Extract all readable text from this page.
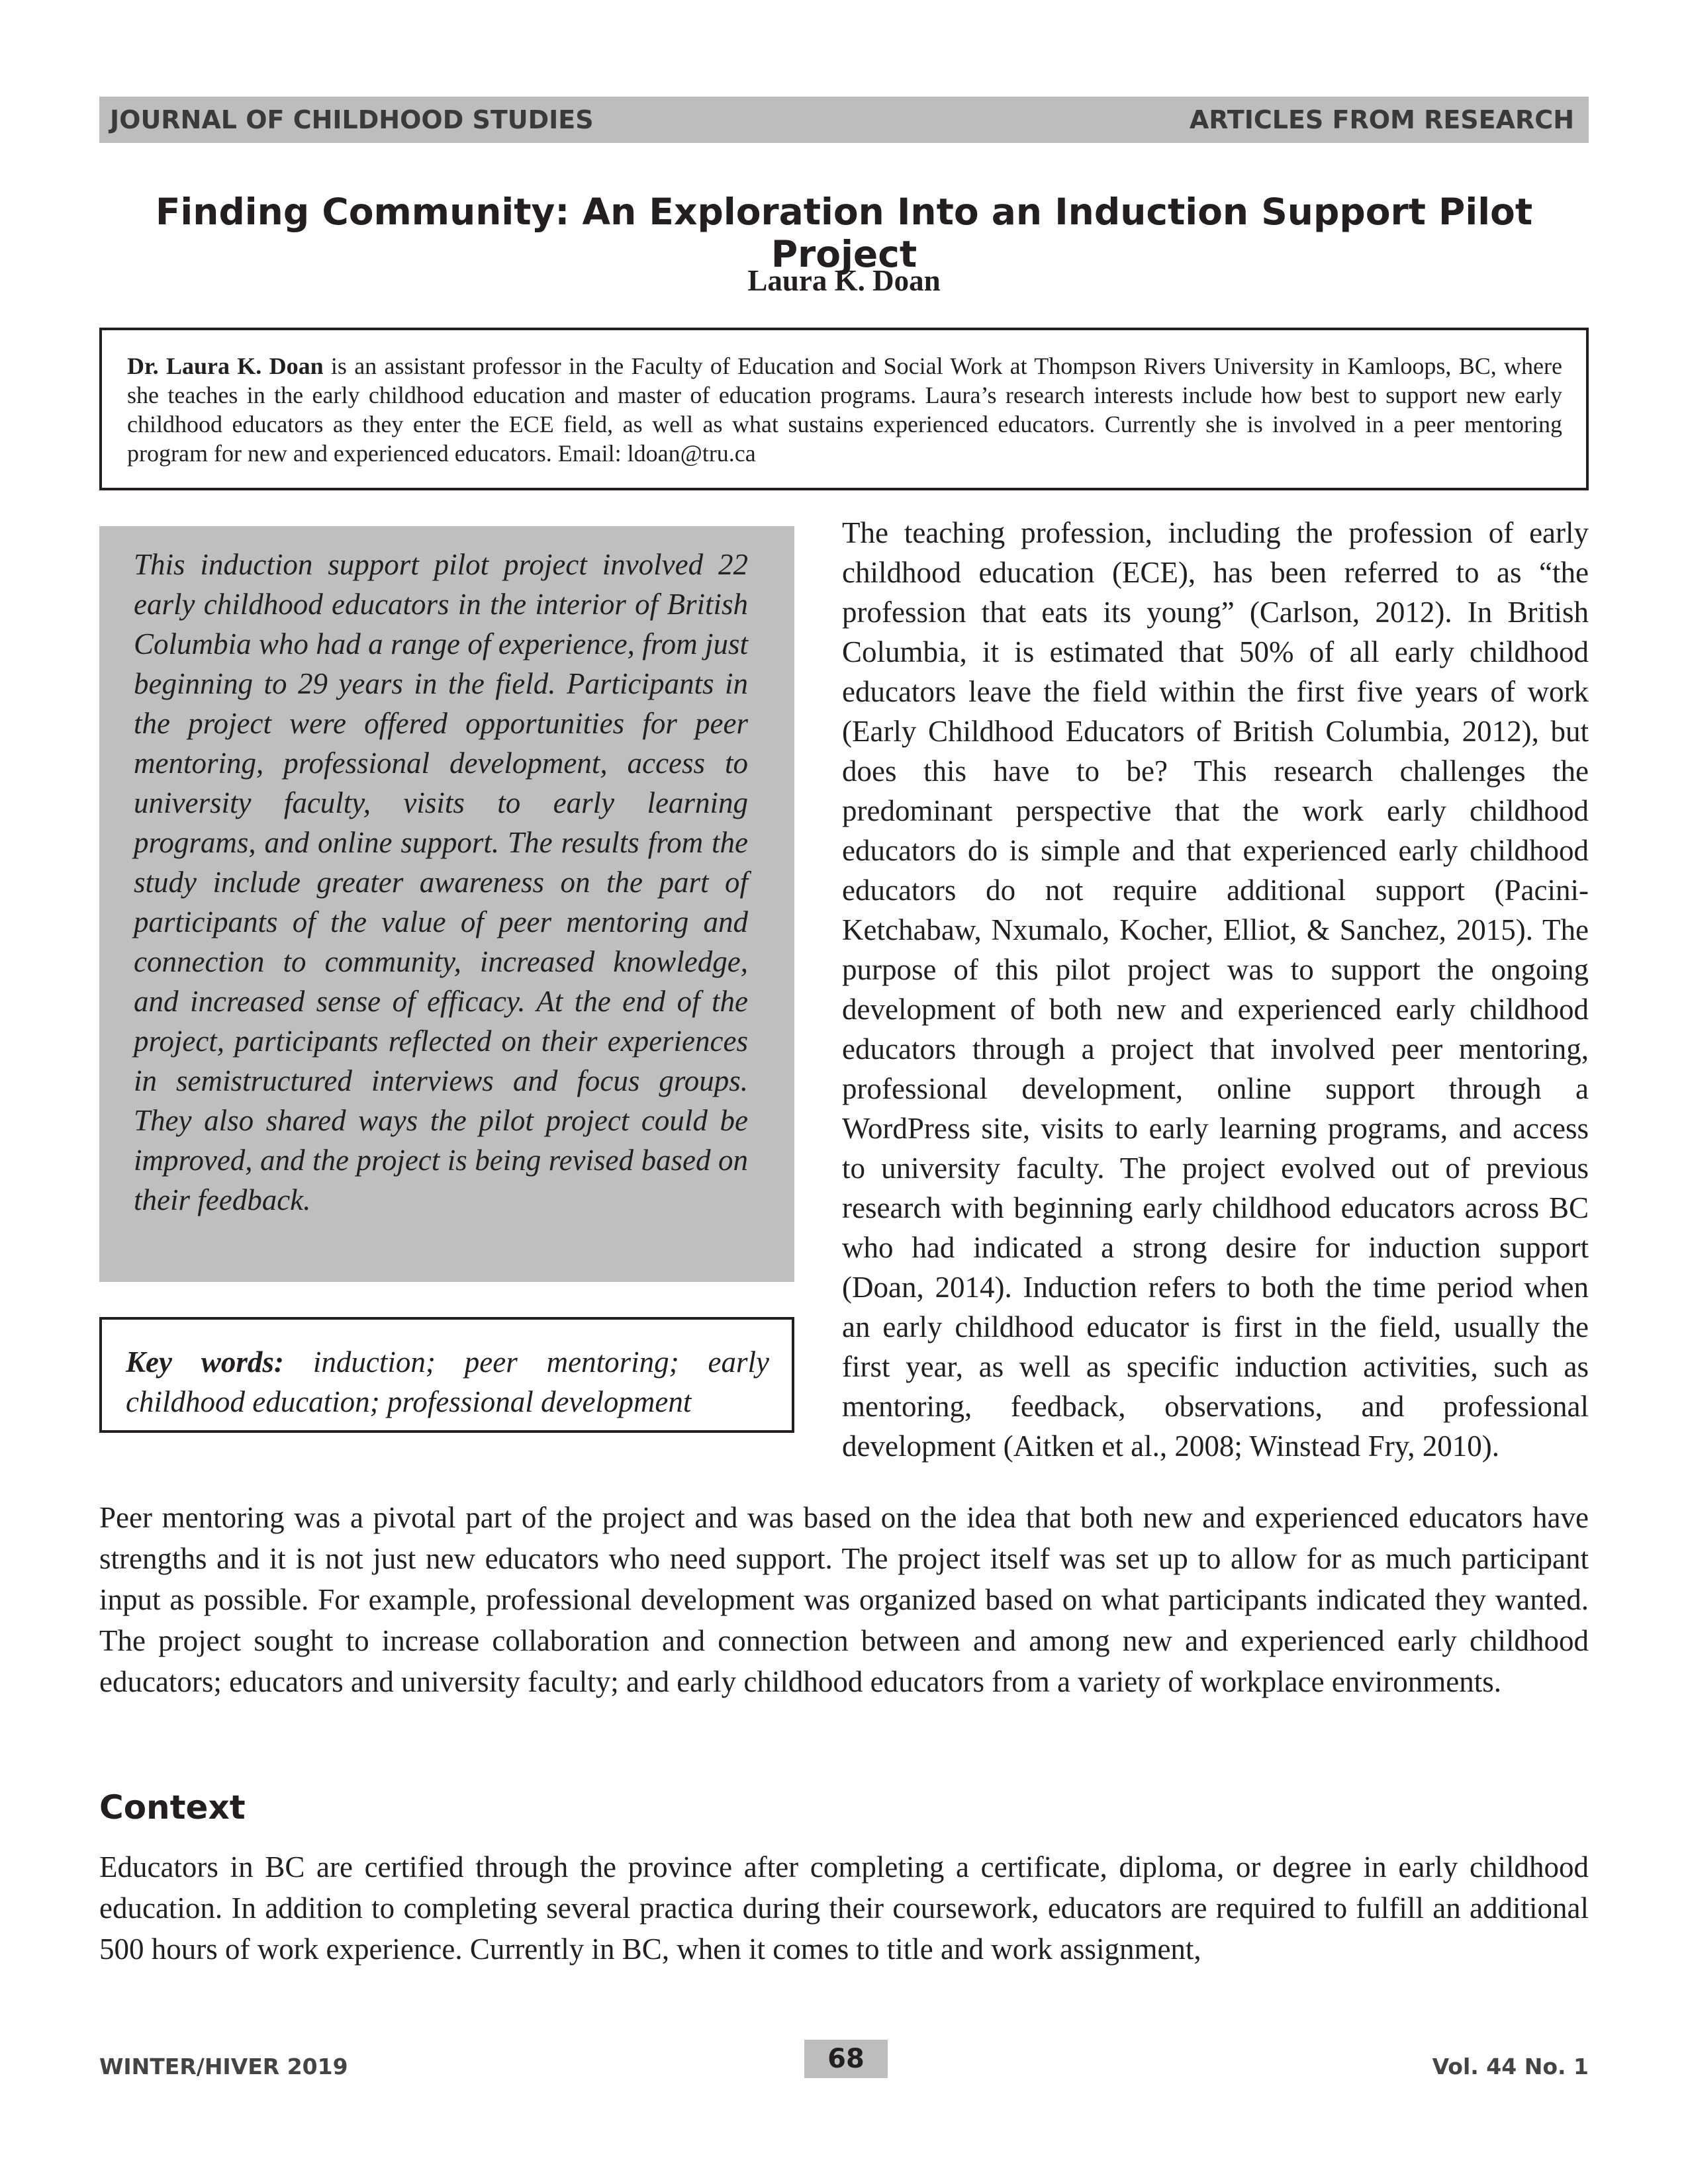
JOURNAL OF CHILDHOOD STUDIES	ARTICLES FROM RESEARCH
Finding Community: An Exploration Into an Induction Support Pilot Project
Laura K. Doan
Dr. Laura K. Doan is an assistant professor in the Faculty of Education and Social Work at Thompson Rivers University in Kamloops, BC, where she teaches in the early childhood education and master of education programs. Laura’s research interests include how best to support new early childhood educators as they enter the ECE field, as well as what sustains experienced educators. Currently she is involved in a peer mentoring program for new and experienced educators. Email: ldoan@tru.ca

This induction support pilot project involved 22 early childhood educators in the interior of British Columbia who had a range of experience, from just beginning to 29 years in the field. Participants in the project were offered opportunities for peer mentoring, professional development, access to university faculty, visits to early learning programs, and online support. The results from the study include greater awareness on the part of participants of the value of peer mentoring and connection to community, increased knowledge, and increased sense of efficacy. At the end of the project, participants reflected on their experiences in semistructured interviews and focus groups. They also shared ways the pilot project could be improved, and the project is being revised based on their feedback.

Key words: induction; peer mentoring; early childhood education; professional development
The teaching profession, including the profession of early childhood education (ECE), has been referred to as “the profession that eats its young” (Carlson, 2012). In British Columbia, it is estimated that 50% of all early childhood educators leave the field within the first five years of work (Early Childhood Educators of British Columbia, 2012), but does this have to be? This research challenges the predominant perspective that the work early childhood educators do is simple and that experienced early childhood educators do not require additional support (Pacini-Ketchabaw, Nxumalo, Kocher, Elliot, & Sanchez, 2015). The purpose of this pilot project was to support the ongoing development of both new and experienced early childhood educators through a project that involved peer mentoring, professional development, online support through a WordPress site, visits to early learning programs, and access to university faculty. The project evolved out of previous research with beginning early childhood educators across BC who had indicated a strong desire for induction support (Doan, 2014). Induction refers to both the time period when an early childhood educator is first in the field, usually the first year, as well as specific induction activities, such as mentoring, feedback, observations, and professional development (Aitken et al., 2008; Winstead Fry, 2010).
Peer mentoring was a pivotal part of the project and was based on the idea that both new and experienced educators have strengths and it is not just new educators who need support. The project itself was set up to allow for as much participant input as possible. For example, professional development was organized based on what participants indicated they wanted. The project sought to increase collaboration and connection between and among new and experienced early childhood educators; educators and university faculty; and early childhood educators from a variety of workplace environments.
Context
Educators in BC are certified through the province after completing a certificate, diploma, or degree in early childhood education. In addition to completing several practica during their coursework, educators are required to fulfill an additional 500 hours of work experience. Currently in BC, when it comes to title and work assignment,
WINTER/HIVER 2019	68	Vol. 44 No. 1
